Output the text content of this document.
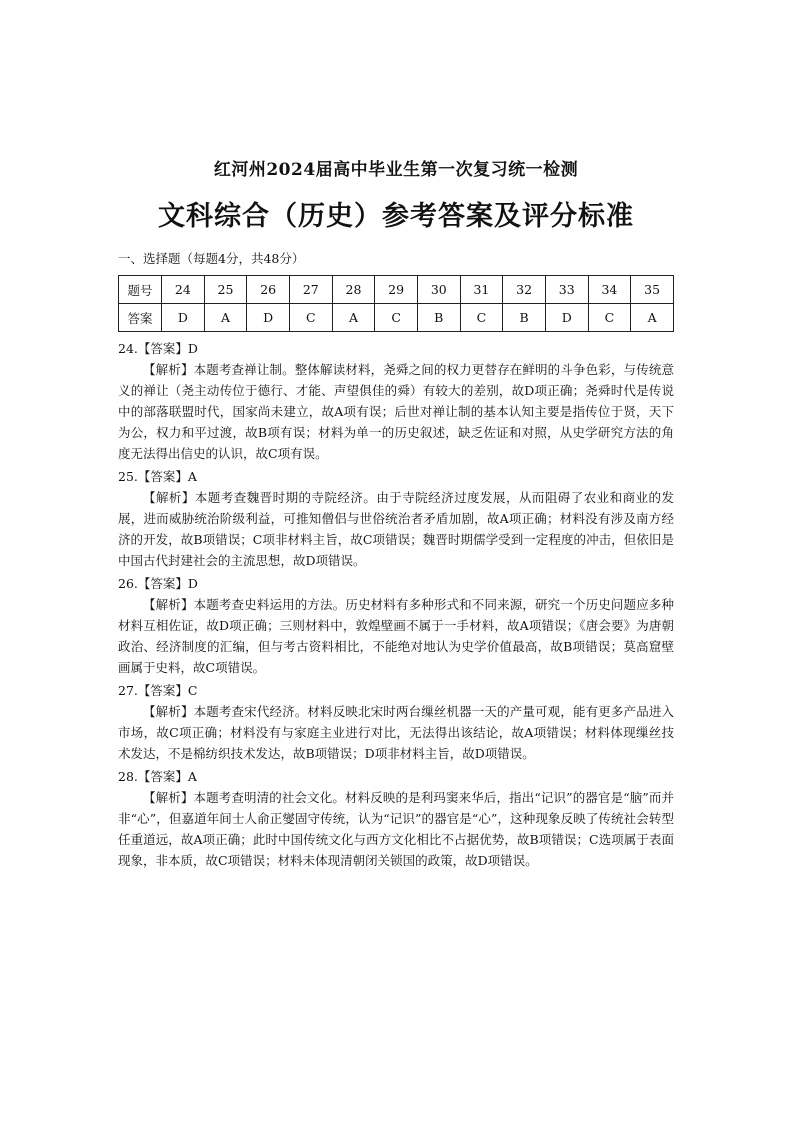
红河州2024届高中毕业生第一次复习统一检测
文科综合（历史）参考答案及评分标准
一、选择题（每题4分，共48分）
题号	24	25	26	27	28	29	30	31	32	33	34	35
答案	D	A	D	C	A	C	B	C	B	D	C	A

24.【答案】D

【解析】本题考查禅让制。整体解读材料，尧舜之间的权力更替存在鲜明的斗争色彩，与传统意义的禅让（尧主动传位于德行、才能、声望俱佳的舜）有较大的差别，故D项正确；尧舜时代是传说中的部落联盟时代，国家尚未建立，故A项有误；后世对禅让制的基本认知主要是指传位于贤，天下为公，权力和平过渡，故B项有误；材料为单一的历史叙述，缺乏佐证和对照，从史学研究方法的角度无法得出信史的认识，故C项有误。

25.【答案】A

【解析】本题考查魏晋时期的寺院经济。由于寺院经济过度发展，从而阻碍了农业和商业的发展，进而威胁统治阶级利益，可推知僧侣与世俗统治者矛盾加剧，故A项正确；材料没有涉及南方经济的开发，故B项错误；C项非材料主旨，故C项错误；魏晋时期儒学受到一定程度的冲击，但依旧是中国古代封建社会的主流思想，故D项错误。

26.【答案】D

【解析】本题考查史料运用的方法。历史材料有多种形式和不同来源，研究一个历史问题应多种材料互相佐证，故D项正确；三则材料中，敦煌壁画不属于一手材料，故A项错误；《唐会要》为唐朝政治、经济制度的汇编，但与考古资料相比，不能绝对地认为史学价值最高，故B项错误；莫高窟壁画属于史料，故C项错误。

27.【答案】C

【解析】本题考查宋代经济。材料反映北宋时两台缫丝机器一天的产量可观，能有更多产品进入市场，故C项正确；材料没有与家庭主业进行对比，无法得出该结论，故A项错误；材料体现缫丝技术发达，不是棉纺织技术发达，故B项错误；D项非材料主旨，故D项错误。

28.【答案】A

【解析】本题考查明清的社会文化。材料反映的是利玛窦来华后，指出“记识”的器官是“脑”而并非“心”，但嘉道年间士人俞正燮固守传统，认为“记识”的器官是“心”，这种现象反映了传统社会转型任重道远，故A项正确；此时中国传统文化与西方文化相比不占据优势，故B项错误；C选项属于表面现象，非本质，故C项错误；材料未体现清朝闭关锁国的政策，故D项错误。
